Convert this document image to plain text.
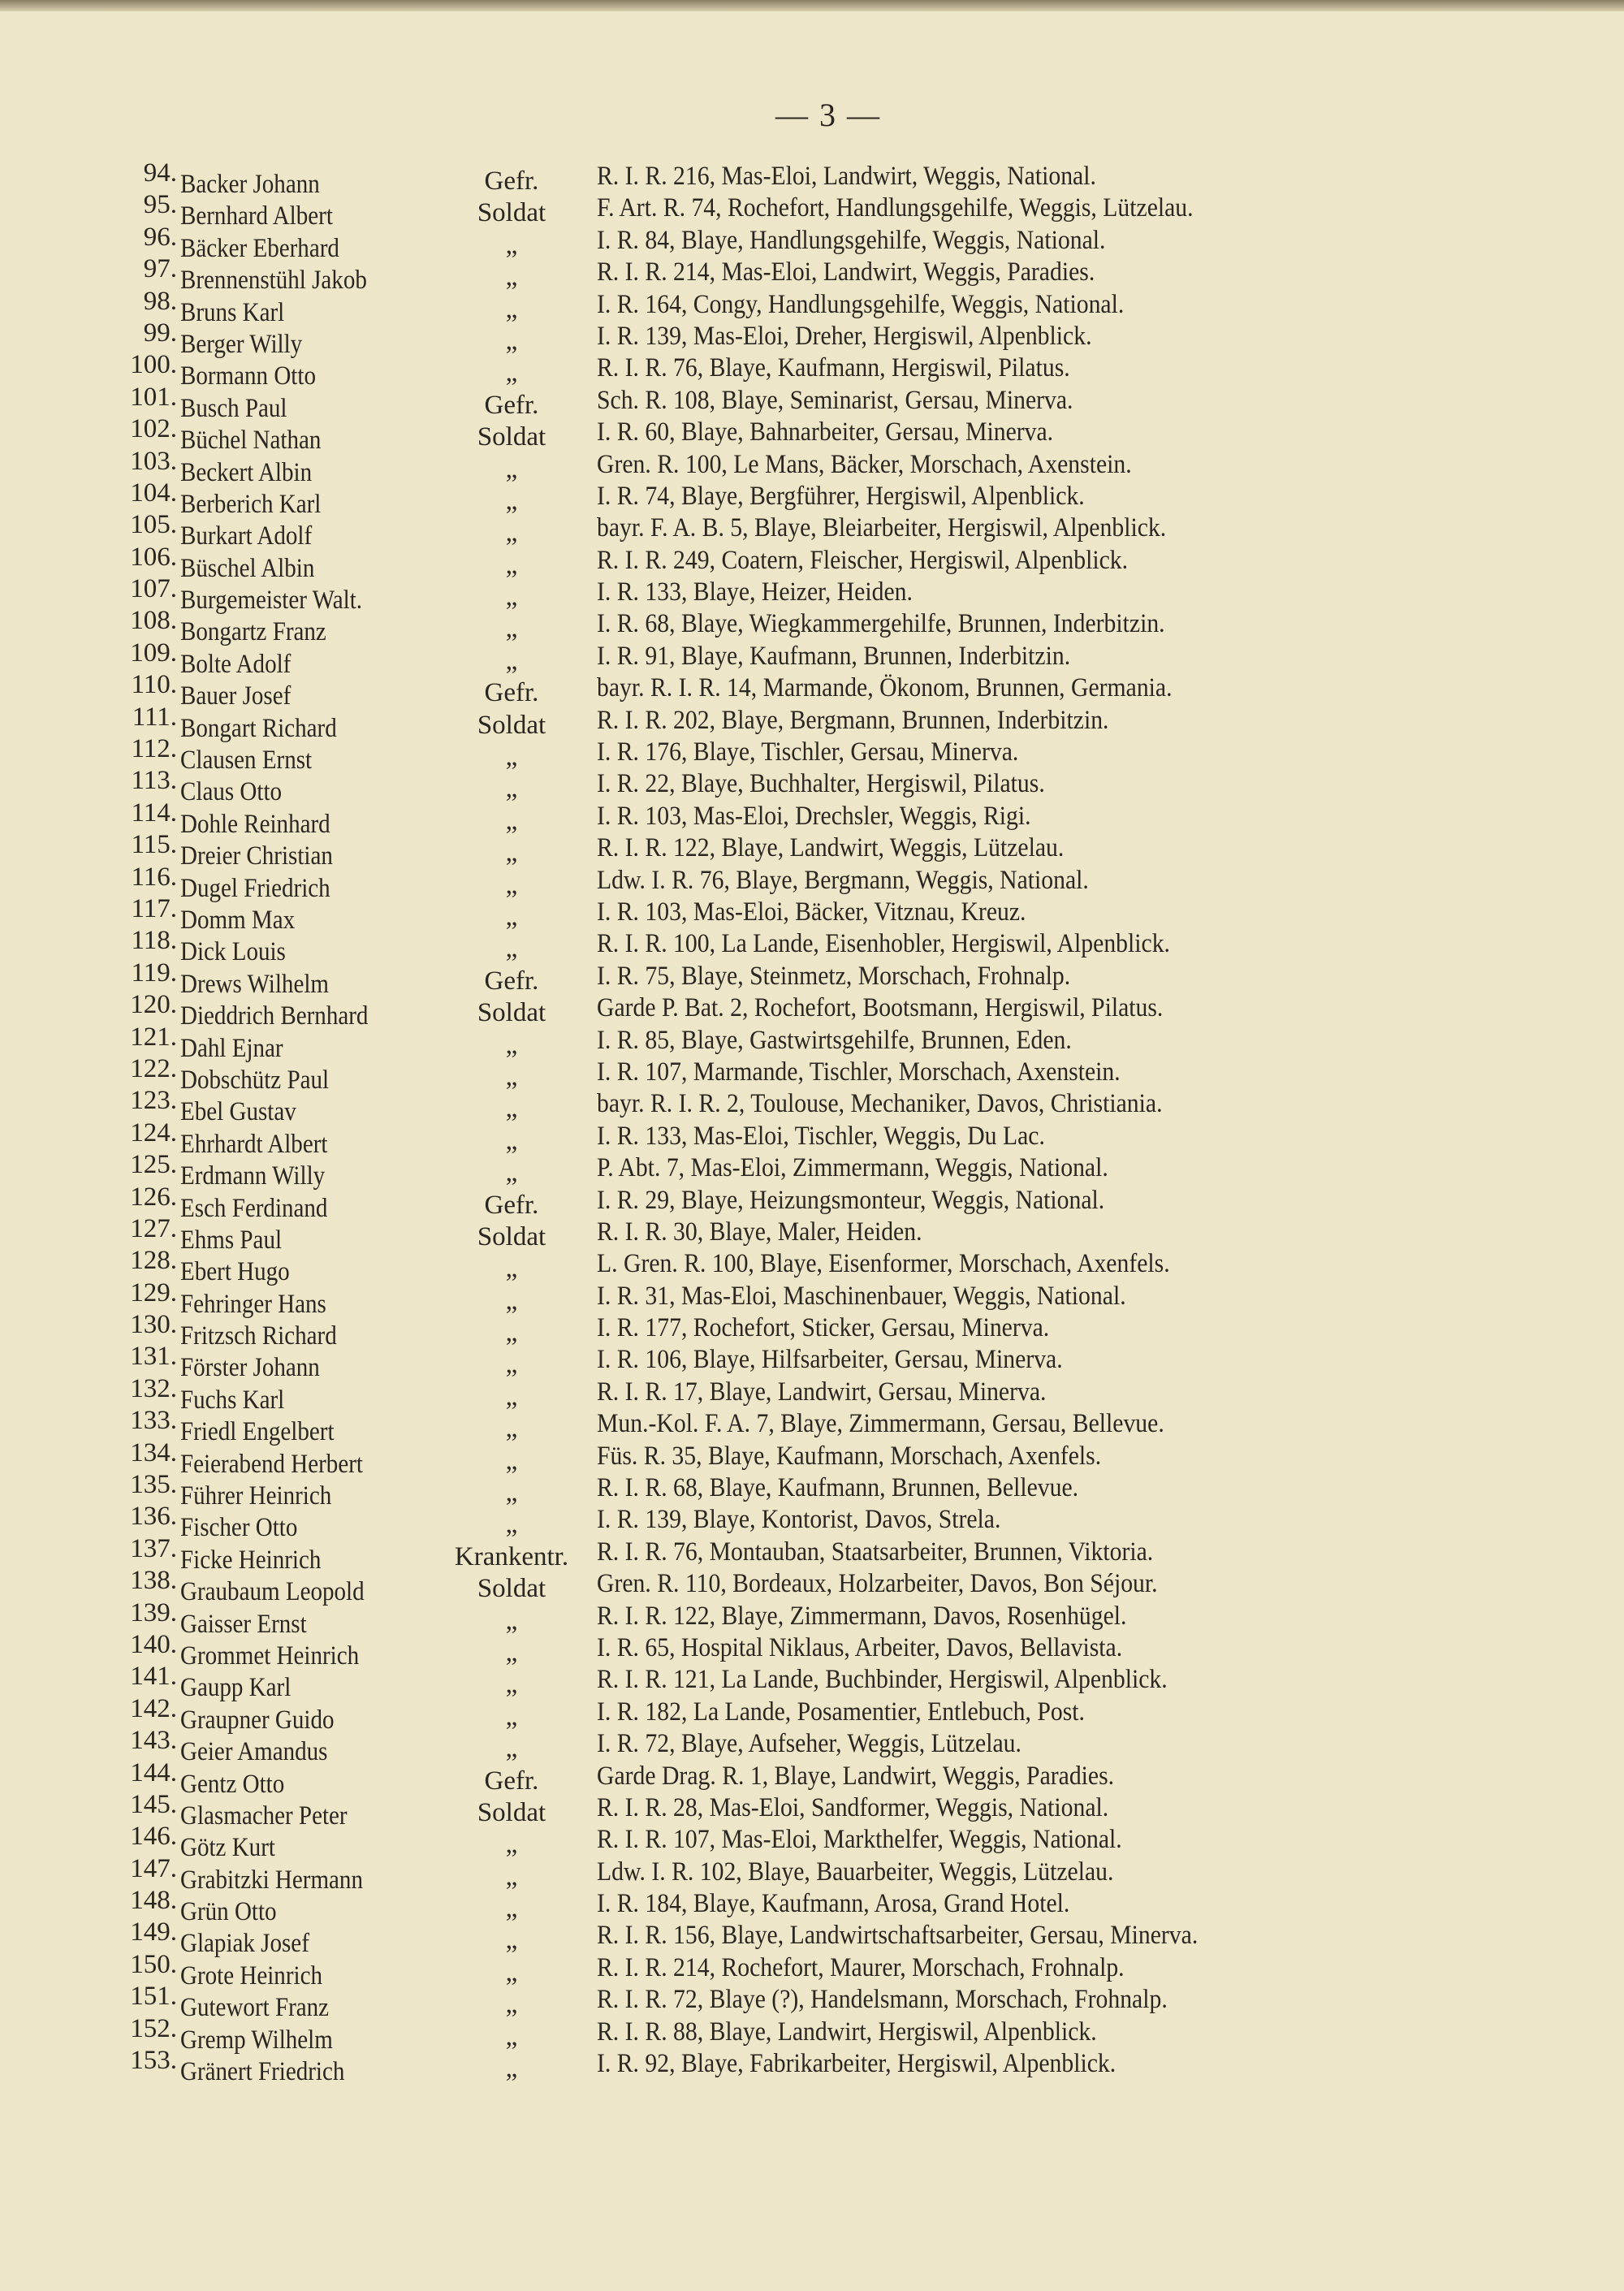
— 3 —
94. Backer Johann	Gefr.	R. I. R. 216, Mas-Eloi, Landwirt, Weggis, National.
95. Bernhard Albert	Soldat	F. Art. R. 74, Rochefort, Handlungsgehilfe, Weggis, Lützelau.
96. Bäcker Eberhard	„	I. R. 84, Blaye, Handlungsgehilfe, Weggis, National.
97. Brennenstühl Jakob	„	R. I. R. 214, Mas-Eloi, Landwirt, Weggis, Paradies.
98. Bruns Karl	„	I. R. 164, Congy, Handlungsgehilfe, Weggis, National.
99. Berger Willy	„	I. R. 139, Mas-Eloi, Dreher, Hergiswil, Alpenblick.
100. Bormann Otto	„	R. I. R. 76, Blaye, Kaufmann, Hergiswil, Pilatus.
101. Busch Paul	Gefr.	Sch. R. 108, Blaye, Seminarist, Gersau, Minerva.
102. Büchel Nathan	Soldat	I. R. 60, Blaye, Bahnarbeiter, Gersau, Minerva.
103. Beckert Albin	„	Gren. R. 100, Le Mans, Bäcker, Morschach, Axenstein.
104. Berberich Karl	„	I. R. 74, Blaye, Bergführer, Hergiswil, Alpenblick.
105. Burkart Adolf	„	bayr. F. A. B. 5, Blaye, Bleiarbeiter, Hergiswil, Alpenblick.
106. Büschel Albin	„	R. I. R. 249, Coatern, Fleischer, Hergiswil, Alpenblick.
107. Burgemeister Walt.	„	I. R. 133, Blaye, Heizer, Heiden.
108. Bongartz Franz	„	I. R. 68, Blaye, Wiegkammergehilfe, Brunnen, Inderbitzin.
109. Bolte Adolf	„	I. R. 91, Blaye, Kaufmann, Brunnen, Inderbitzin.
110. Bauer Josef	Gefr.	bayr. R. I. R. 14, Marmande, Ökonom, Brunnen, Germania.
111. Bongart Richard	Soldat	R. I. R. 202, Blaye, Bergmann, Brunnen, Inderbitzin.
112. Clausen Ernst	„	I. R. 176, Blaye, Tischler, Gersau, Minerva.
113. Claus Otto	„	I. R. 22, Blaye, Buchhalter, Hergiswil, Pilatus.
114. Dohle Reinhard	„	I. R. 103, Mas-Eloi, Drechsler, Weggis, Rigi.
115. Dreier Christian	„	R. I. R. 122, Blaye, Landwirt, Weggis, Lützelau.
116. Dugel Friedrich	„	Ldw. I. R. 76, Blaye, Bergmann, Weggis, National.
117. Domm Max	„	I. R. 103, Mas-Eloi, Bäcker, Vitznau, Kreuz.
118. Dick Louis	„	R. I. R. 100, La Lande, Eisenhobler, Hergiswil, Alpenblick.
119. Drews Wilhelm	Gefr.	I. R. 75, Blaye, Steinmetz, Morschach, Frohnalp.
120. Dieddrich Bernhard	Soldat	Garde P. Bat. 2, Rochefort, Bootsmann, Hergiswil, Pilatus.
121. Dahl Ejnar	„	I. R. 85, Blaye, Gastwirtsgehilfe, Brunnen, Eden.
122. Dobschütz Paul	„	I. R. 107, Marmande, Tischler, Morschach, Axenstein.
123. Ebel Gustav	„	bayr. R. I. R. 2, Toulouse, Mechaniker, Davos, Christiania.
124. Ehrhardt Albert	„	I. R. 133, Mas-Eloi, Tischler, Weggis, Du Lac.
125. Erdmann Willy	„	P. Abt. 7, Mas-Eloi, Zimmermann, Weggis, National.
126. Esch Ferdinand	Gefr.	I. R. 29, Blaye, Heizungsmonteur, Weggis, National.
127. Ehms Paul	Soldat	R. I. R. 30, Blaye, Maler, Heiden.
128. Ebert Hugo	„	L. Gren. R. 100, Blaye, Eisenformer, Morschach, Axenfels.
129. Fehringer Hans	„	I. R. 31, Mas-Eloi, Maschinenbauer, Weggis, National.
130. Fritzsch Richard	„	I. R. 177, Rochefort, Sticker, Gersau, Minerva.
131. Förster Johann	„	I. R. 106, Blaye, Hilfsarbeiter, Gersau, Minerva.
132. Fuchs Karl	„	R. I. R. 17, Blaye, Landwirt, Gersau, Minerva.
133. Friedl Engelbert	„	Mun.-Kol. F. A. 7, Blaye, Zimmermann, Gersau, Bellevue.
134. Feierabend Herbert	„	Füs. R. 35, Blaye, Kaufmann, Morschach, Axenfels.
135. Führer Heinrich	„	R. I. R. 68, Blaye, Kaufmann, Brunnen, Bellevue.
136. Fischer Otto	„	I. R. 139, Blaye, Kontorist, Davos, Strela.
137. Ficke Heinrich	Krankentr.	R. I. R. 76, Montauban, Staatsarbeiter, Brunnen, Viktoria.
138. Graubaum Leopold	Soldat	Gren. R. 110, Bordeaux, Holzarbeiter, Davos, Bon Séjour.
139. Gaisser Ernst	„	R. I. R. 122, Blaye, Zimmermann, Davos, Rosenhügel.
140. Grommet Heinrich	„	I. R. 65, Hospital Niklaus, Arbeiter, Davos, Bellavista.
141. Gaupp Karl	„	R. I. R. 121, La Lande, Buchbinder, Hergiswil, Alpenblick.
142. Graupner Guido	„	I. R. 182, La Lande, Posamentier, Entlebuch, Post.
143. Geier Amandus	„	I. R. 72, Blaye, Aufseher, Weggis, Lützelau.
144. Gentz Otto	Gefr.	Garde Drag. R. 1, Blaye, Landwirt, Weggis, Paradies.
145. Glasmacher Peter	Soldat	R. I. R. 28, Mas-Eloi, Sandformer, Weggis, National.
146. Götz Kurt	„	R. I. R. 107, Mas-Eloi, Markthelfer, Weggis, National.
147. Grabitzki Hermann	„	Ldw. I. R. 102, Blaye, Bauarbeiter, Weggis, Lützelau.
148. Grün Otto	„	I. R. 184, Blaye, Kaufmann, Arosa, Grand Hotel.
149. Glapiak Josef	„	R. I. R. 156, Blaye, Landwirtschaftsarbeiter, Gersau, Minerva.
150. Grote Heinrich	„	R. I. R. 214, Rochefort, Maurer, Morschach, Frohnalp.
151. Gutewort Franz	„	R. I. R. 72, Blaye (?), Handelsmann, Morschach, Frohnalp.
152. Gremp Wilhelm	„	R. I. R. 88, Blaye, Landwirt, Hergiswil, Alpenblick.
153. Gränert Friedrich	„	I. R. 92, Blaye, Fabrikarbeiter, Hergiswil, Alpenblick.
